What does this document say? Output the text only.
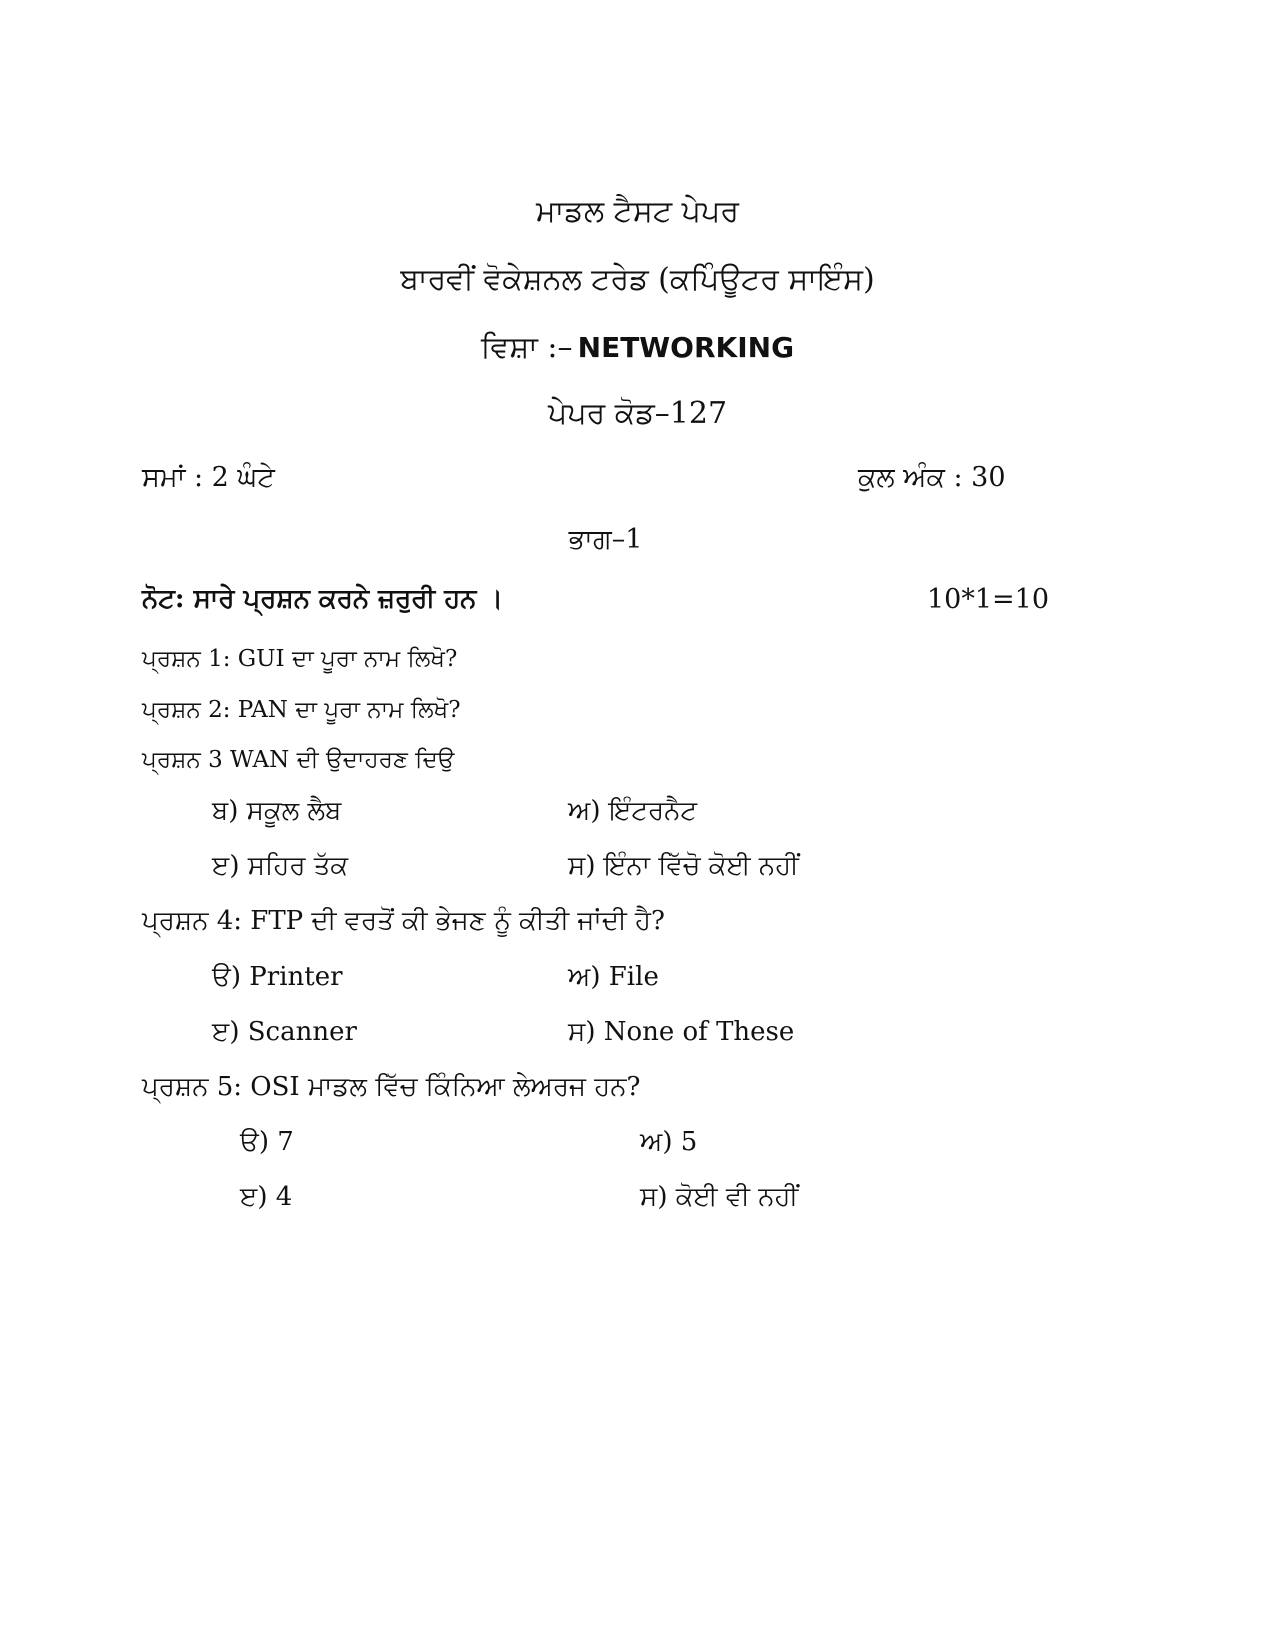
ਮਾਡਲ ਟੈਸਟ ਪੇਪਰ
ਬਾਰਵੀਂ ਵੋਕੇਸ਼ਨਲ ਟਰੇਡ (ਕਪਿੰਊਟਰ ਸਾਇੰਸ)
ਵਿਸ਼ਾ :– NETWORKING
ਪੇਪਰ ਕੋਡ–127
ਸਮਾਂ : 2 ਘੰਟੇ	ਕੁਲ ਅੰਕ : 30
ਭਾਗ–1
ਨੋਟ: ਸਾਰੇ ਪ੍ਰਸ਼ਨ ਕਰਨੇ ਜ਼ਰੁਰੀ ਹਨ ।	10*1=10
ਪ੍ਰਸ਼ਨ 1: GUI ਦਾ ਪੂਰਾ ਨਾਮ ਲਿਖੋ?
ਪ੍ਰਸ਼ਨ 2: PAN ਦਾ ਪੂਰਾ ਨਾਮ ਲਿਖੋ?
ਪ੍ਰਸ਼ਨ 3 WAN ਦੀ ਉਦਾਹਰਣ ਦਿਉ
ਬ) ਸਕੂਲ ਲੈਬ	ਅ) ਇੰਟਰਨੈਟ
ੲ) ਸਹਿਰ ਤੱਕ	ਸ) ਇੰਨਾ ਵਿੱਚੋ ਕੋਈ ਨਹੀਂ
ਪ੍ਰਸ਼ਨ 4: FTP ਦੀ ਵਰਤੋਂ ਕੀ ਭੇਜਣ ਨੂੰ ਕੀਤੀ ਜਾਂਦੀ ਹੈ?
ੳ) Printer	ਅ) File
ੲ) Scanner	ਸ) None of These
ਪ੍ਰਸ਼ਨ 5: OSI ਮਾਡਲ ਵਿੱਚ ਕਿੰਨਿਆ ਲੇਅਰਜ ਹਨ?
ੳ) 7	ਅ) 5
ੲ) 4	ਸ) ਕੋਈ ਵੀ ਨਹੀਂ
